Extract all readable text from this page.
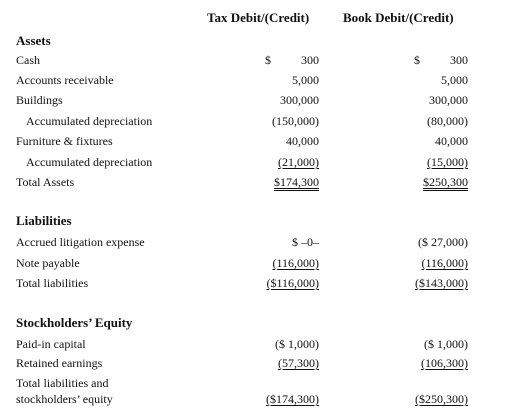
Tax Debit/(Credit)	Book Debit/(Credit)
Assets
Cash	$	300	$	300
Accounts receivable	5,000	5,000
Buildings	300,000	300,000
Accumulated depreciation	(150,000)	(80,000)
Furniture & fixtures	40,000	40,000
Accumulated depreciation	(21,000)	(15,000)
Total Assets	$174,300	$250,300
Liabilities
Accrued litigation expense	$ –0–	($ 27,000)
Note payable	(116,000)	(116,000)
Total liabilities	($116,000)	($143,000)
Stockholders’ Equity
Paid-in capital	($ 1,000)	($ 1,000)
Retained earnings	(57,300)	(106,300)
Total liabilities and
stockholders’ equity	($174,300)	($250,300)
